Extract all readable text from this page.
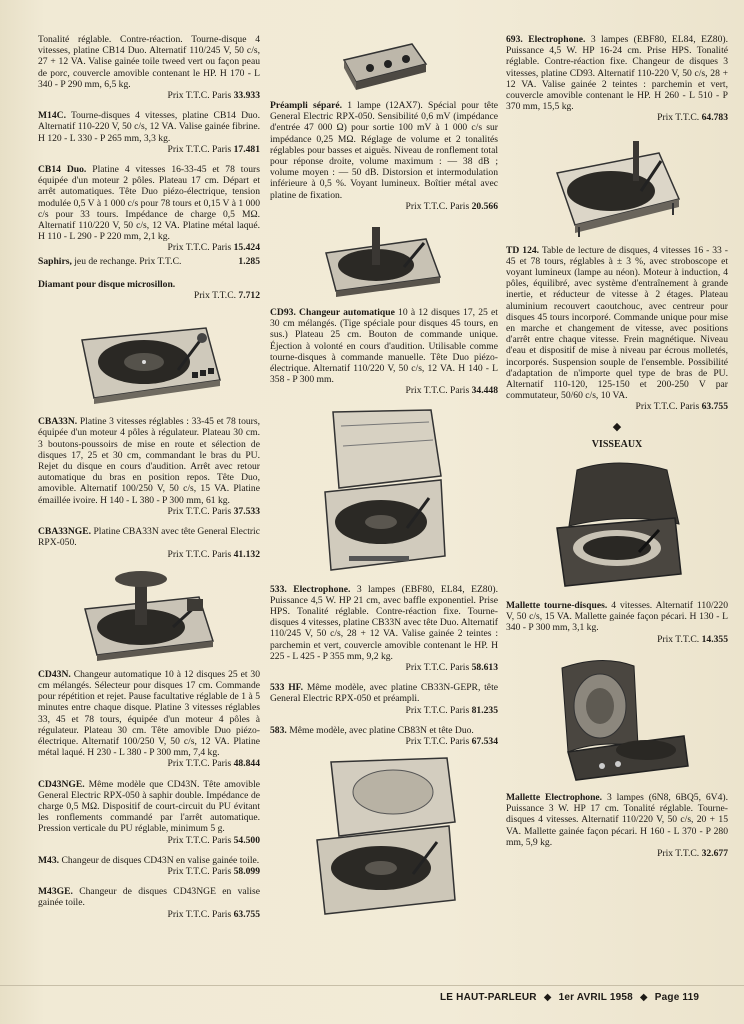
Tonalité réglable. Contre-réaction. Tourne-disque 4 vitesses, platine CB14 Duo. Alternatif 110/245 V, 50 c/s, 27 + 12 VA. Valise gainée toile tweed vert ou façon peau de porc, couvercle amovible contenant le HP. H 170 - L 340 - P 290 mm, 6,5 kg.
Prix T.T.C. Paris 33.933
M14C. Tourne-disques 4 vitesses, platine CB14 Duo. Alternatif 110-220 V, 50 c/s, 12 VA. Valise gainée fibrine. H 120 - L 330 - P 265 mm, 3,3 kg.
Prix T.T.C. Paris 17.481
CB14 Duo. Platine 4 vitesses 16-33-45 et 78 tours équipée d'un moteur 2 pôles. Plateau 17 cm. Départ et arrêt automatiques. Tête Duo piézo-électrique, tension modulée 0,5 V à 1 000 c/s pour 78 tours et 0,15 V à 1 000 c/s pour 33 tours. Impédance de charge 0,5 MΩ. Alternatif 110/220 V, 50 c/s, 12 VA. Platine métal laqué. H 110 - L 290 - P 220 mm, 2,1 kg.
Prix T.T.C. Paris 15.424
Saphirs, jeu de rechange. Prix T.T.C.	1.285
Diamant pour disque microsillon.
Prix T.T.C. 7.712
CBA33N. Platine 3 vitesses réglables : 33-45 et 78 tours, équipée d'un moteur 4 pôles à régulateur. Plateau 30 cm. 3 boutons-poussoirs de mise en route et sélection de disques 17, 25 et 30 cm, commandant le bras du PU. Rejet du disque en cours d'audition. Arrêt avec retour automatique du bras en position repos. Tête Duo, amovible. Alternatif 100/250 V, 50 c/s, 15 VA. Platine émaillée ivoire. H 140 - L 380 - P 300 mm, 61 kg.
Prix T.T.C. Paris 37.533
CBA33NGE. Platine CBA33N avec tête General Electric RPX-050.
Prix T.T.C. Paris 41.132
CD43N. Changeur automatique 10 à 12 disques 25 et 30 cm mélangés. Sélecteur pour disques 17 cm. Commande pour répétition et rejet. Pause facultative réglable de 1 à 5 minutes entre chaque disque. Platine 3 vitesses réglables 33, 45 et 78 tours, équipée d'un moteur 4 pôles à régulateur. Plateau 30 cm. Tête amovible Duo piézo-électrique. Alternatif 100/250 V, 50 c/s, 12 VA. Platine métal laqué. H 230 - L 380 - P 300 mm, 7,4 kg.
Prix T.T.C. Paris 48.844
CD43NGE. Même modèle que CD43N. Tête amovible General Electric RPX-050 à saphir double. Impédance de charge 0,5 MΩ. Dispositif de court-circuit du PU évitant les ronflements commandé par l'arrêt automatique. Pression verticale du PU réglable, minimum 5 g.
Prix T.T.C. Paris 54.500
M43. Changeur de disques CD43N en valise gainée toile.
Prix T.T.C. Paris 58.099
M43GE. Changeur de disques CD43NGE en valise gainée toile.
Prix T.T.C. Paris 63.755
Préampli séparé. 1 lampe (12AX7). Spécial pour tête General Electric RPX-050. Sensibilité 0,6 mV (impédance d'entrée 47 000 Ω) pour sortie 100 mV à 1 000 c/s sur impédance 0,25 MΩ. Réglage de volume et 2 tonalités réglables pour basses et aiguës. Niveau de ronflement total pour réponse droite, volume maximum : — 38 dB ; volume moyen : — 50 dB. Distorsion et intermodulation inférieure à 0,5 %. Voyant lumineux. Boîtier métal avec platine de fixation.
Prix T.T.C. Paris 20.566
CD93. Changeur automatique 10 à 12 disques 17, 25 et 30 cm mélangés. (Tige spéciale pour disques 45 tours, en sus.) Plateau 25 cm. Bouton de commande unique. Éjection à volonté en cours d'audition. Utilisable comme tourne-disques à commande manuelle. Tête Duo piézo-électrique. Alternatif 110/220 V, 50 c/s, 12 VA. H 140 - L 358 - P 300 mm.
Prix T.T.C. Paris 34.448
533. Electrophone. 3 lampes (EBF80, EL84, EZ80). Puissance 4,5 W. HP 21 cm, avec baffle exponentiel. Prise HPS. Tonalité réglable. Contre-réaction fixe. Tourne-disques 4 vitesses, platine CB33N avec tête Duo. Alternatif 110/245 V, 50 c/s, 28 + 12 VA. Valise gainée 2 teintes : parchemin et vert, couvercle amovible contenant le HP. H 225 - L 425 - P 355 mm, 9,2 kg.
Prix T.T.C. Paris 58.613
533 HF. Même modèle, avec platine CB33N-GEPR, tête General Electric RPX-050 et préampli.
Prix T.T.C. Paris 81.235
583. Même modèle, avec platine CB83N et tête Duo.
Prix T.T.C. Paris 67.534
693. Electrophone. 3 lampes (EBF80, EL84, EZ80). Puissance 4,5 W. HP 16-24 cm. Prise HPS. Tonalité réglable. Contre-réaction fixe. Changeur de disques 3 vitesses, platine CD93. Alternatif 110-220 V, 50 c/s, 28 + 12 VA. Valise gainée 2 teintes : parchemin et vert, couvercle amovible contenant le HP. H 260 - L 510 - P 370 mm, 15,5 kg.
Prix T.T.C. 64.783
TD 124. Table de lecture de disques, 4 vitesses 16 - 33 - 45 et 78 tours, réglables à ± 3 %, avec stroboscope et voyant lumineux (lampe au néon). Moteur à induction, 4 pôles, équilibré, avec système d'entraînement à grande inertie, et réducteur de vitesse à 2 étages. Plateau aluminium recouvert caoutchouc, avec centreur pour disques 45 tours incorporé. Commande unique pour mise en marche et changement de vitesse, avec positions d'arrêt entre chaque vitesse. Frein magnétique. Niveau d'eau et dispositif de mise à niveau par écrous molletés, incorporés. Suspension souple de l'ensemble. Possibilité d'adaptation de n'importe quel type de bras de PU. Alternatif 110-120, 125-150 et 200-250 V par commutateur, 50/60 c/s, 10 VA.
Prix T.T.C. Paris 63.755
◆
VISSEAUX
Mallette tourne-disques. 4 vitesses. Alternatif 110/220 V, 50 c/s, 15 VA. Mallette gainée façon pécari. H 130 - L 340 - P 300 mm, 3,1 kg.
Prix T.T.C. 14.355
Mallette Electrophone. 3 lampes (6N8, 6BQ5, 6V4). Puissance 3 W. HP 17 cm. Tonalité réglable. Tourne-disques 4 vitesses. Alternatif 110/220 V, 50 c/s, 20 + 15 VA. Mallette gainée façon pécari. H 160 - L 370 - P 280 mm, 5,9 kg.
Prix T.T.C. 32.677
LE HAUT-PARLEUR ◆ 1er AVRIL 1958 ◆ Page 119
